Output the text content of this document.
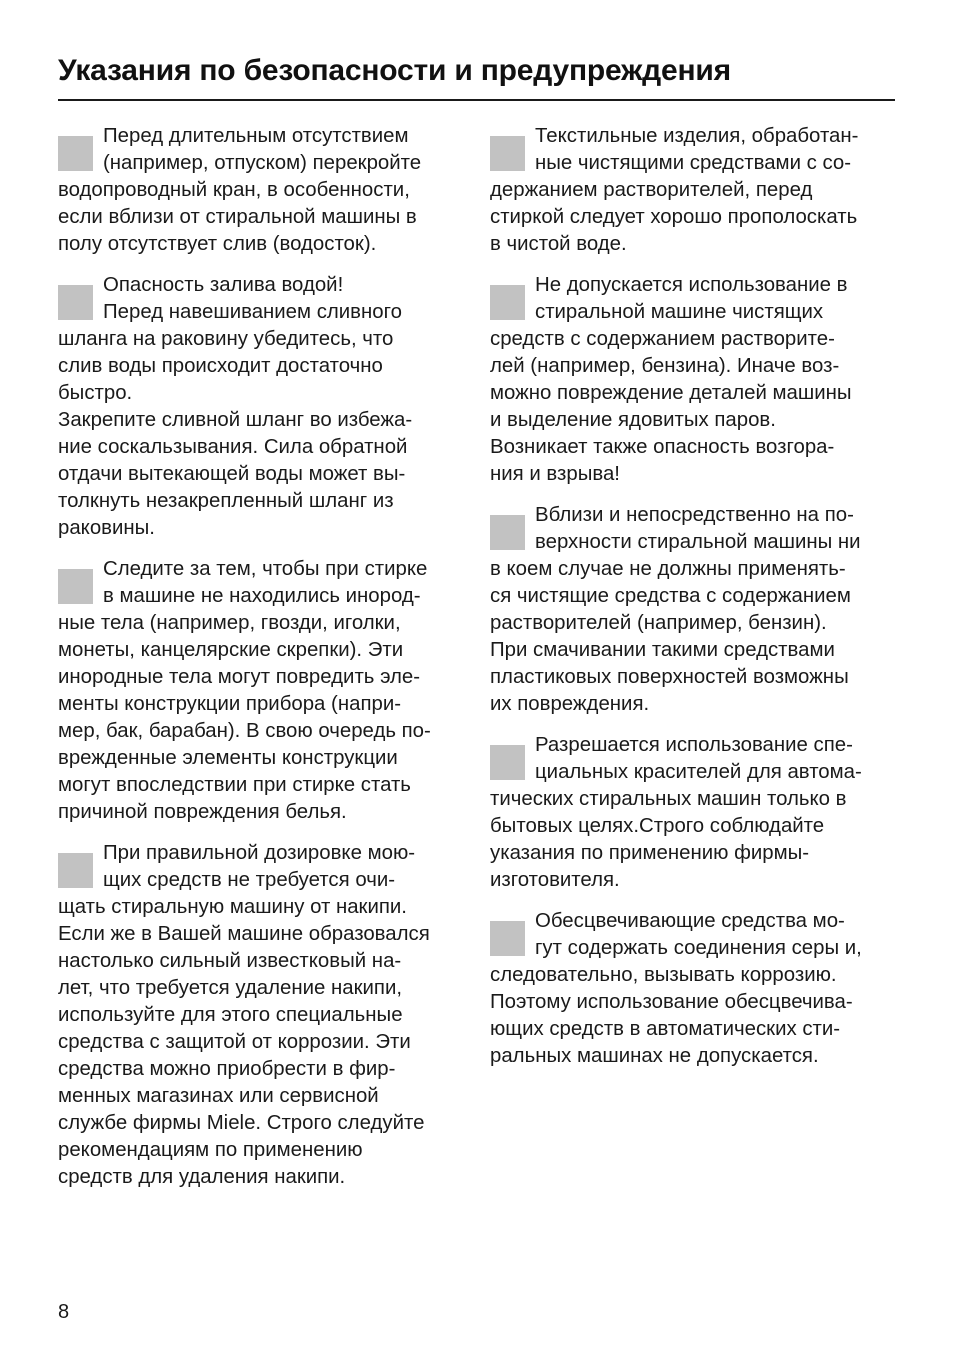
Указания по безопасности и предупреждения
Перед длительным отсутствием
(например, отпуском) перекройте
водопроводный кран, в особенности,
если вблизи от стиральной машины в
полу отсутствует слив (водосток).
Опасность залива водой!
Перед навешиванием сливного
шланга на раковину убедитесь, что
слив воды происходит достаточно
быстро.
Закрепите сливной шланг во избежа-
ние соскальзывания. Сила обратной
отдачи вытекающей воды может вы-
толкнуть незакрепленный шланг из
раковины.
Следите за тем, чтобы при стирке
в машине не находились инород-
ные тела (например, гвозди, иголки,
монеты, канцелярские скрепки). Эти
инородные тела могут повредить эле-
менты конструкции прибора (напри-
мер, бак, барабан). В свою очередь по-
врежденные элементы конструкции
могут впоследствии при стирке стать
причиной повреждения белья.
При правильной дозировке мою-
щих средств не требуется очи-
щать стиральную машину от накипи.
Если же в Вашей машине образовался
настолько сильный известковый на-
лет, что требуется удаление накипи,
используйте для этого специальные
средства с защитой от коррозии. Эти
средства можно приобрести в фир-
менных магазинах или сервисной
службе фирмы Miele. Строго следуйте
рекомендациям по применению
средств для удаления накипи.
Текстильные изделия, обработан-
ные чистящими средствами с со-
держанием растворителей, перед
стиркой следует хорошо прополоскать
в чистой воде.
Не допускается использование в
стиральной машине чистящих
средств с содержанием растворите-
лей (например, бензина). Иначе воз-
можно повреждение деталей машины
и выделение ядовитых паров.
Возникает также опасность возгора-
ния и взрыва!
Вблизи и непосредственно на по-
верхности стиральной машины ни
в коем случае не должны применять-
ся чистящие средства с содержанием
растворителей (например, бензин).
При смачивании такими средствами
пластиковых поверхностей возможны
их повреждения.
Разрешается использование спе-
циальных красителей для автома-
тических стиральных машин только в
бытовых целях.Строго соблюдайте
указания по применению фирмы-
изготовителя.
Обесцвечивающие средства мо-
гут содержать соединения серы и,
следовательно, вызывать коррозию.
Поэтому использование обесцвечива-
ющих средств в автоматических сти-
ральных машинах не допускается.
8
